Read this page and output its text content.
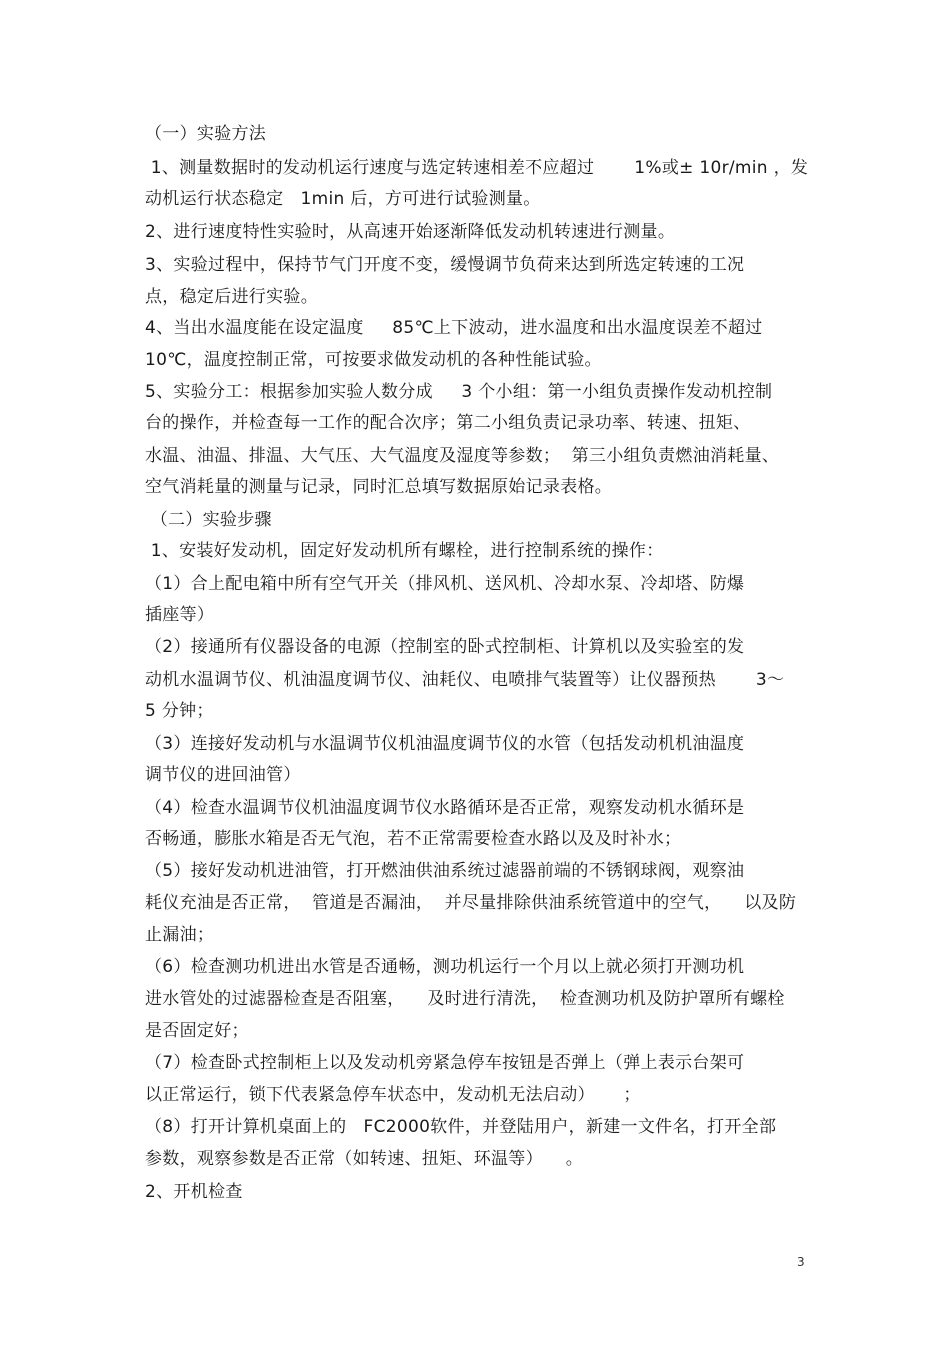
（一）实验方法
1、测量数据时的发动机运行速度与选定转速相差不应超过       1%或± 10r/min ，发
动机运行状态稳定   1min 后，方可进行试验测量。
2、进行速度特性实验时，从高速开始逐渐降低发动机转速进行测量。
3、实验过程中，保持节气门开度不变，缓慢调节负荷来达到所选定转速的工况
点，稳定后进行实验。
4、当出水温度能在设定温度     85℃上下波动，进水温度和出水温度误差不超过
10℃，温度控制正常，可按要求做发动机的各种性能试验。
5、实验分工：根据参加实验人数分成     3 个小组：第一小组负责操作发动机控制
台的操作，并检查每一工作的配合次序；第二小组负责记录功率、转速、扭矩、
水温、油温、排温、大气压、大气温度及湿度等参数；  第三小组负责燃油消耗量、
空气消耗量的测量与记录，同时汇总填写数据原始记录表格。
（二）实验步骤
1、安装好发动机，固定好发动机所有螺栓，进行控制系统的操作：
（1）合上配电箱中所有空气开关（排风机、送风机、冷却水泵、冷却塔、防爆
插座等）
（2）接通所有仪器设备的电源（控制室的卧式控制柜、计算机以及实验室的发
动机水温调节仪、机油温度调节仪、油耗仪、电喷排气装置等）让仪器预热       3～
5 分钟；
（3）连接好发动机与水温调节仪机油温度调节仪的水管（包括发动机机油温度
调节仪的进回油管）
（4）检查水温调节仪机油温度调节仪水路循环是否正常，观察发动机水循环是
否畅通，膨胀水箱是否无气泡，若不正常需要检查水路以及及时补水；
（5）接好发动机进油管，打开燃油供油系统过滤器前端的不锈钢球阀，观察油
耗仪充油是否正常，  管道是否漏油，  并尽量排除供油系统管道中的空气，    以及防
止漏油；
（6）检查测功机进出水管是否通畅，测功机运行一个月以上就必须打开测功机
进水管处的过滤器检查是否阻塞，    及时进行清洗，  检查测功机及防护罩所有螺栓
是否固定好；
（7）检查卧式控制柜上以及发动机旁紧急停车按钮是否弹上（弹上表示台架可
以正常运行，锁下代表紧急停车状态中，发动机无法启动）     ；
（8）打开计算机桌面上的   FC2000软件，并登陆用户，新建一文件名，打开全部
参数，观察参数是否正常（如转速、扭矩、环温等）    。
2、开机检查
3
